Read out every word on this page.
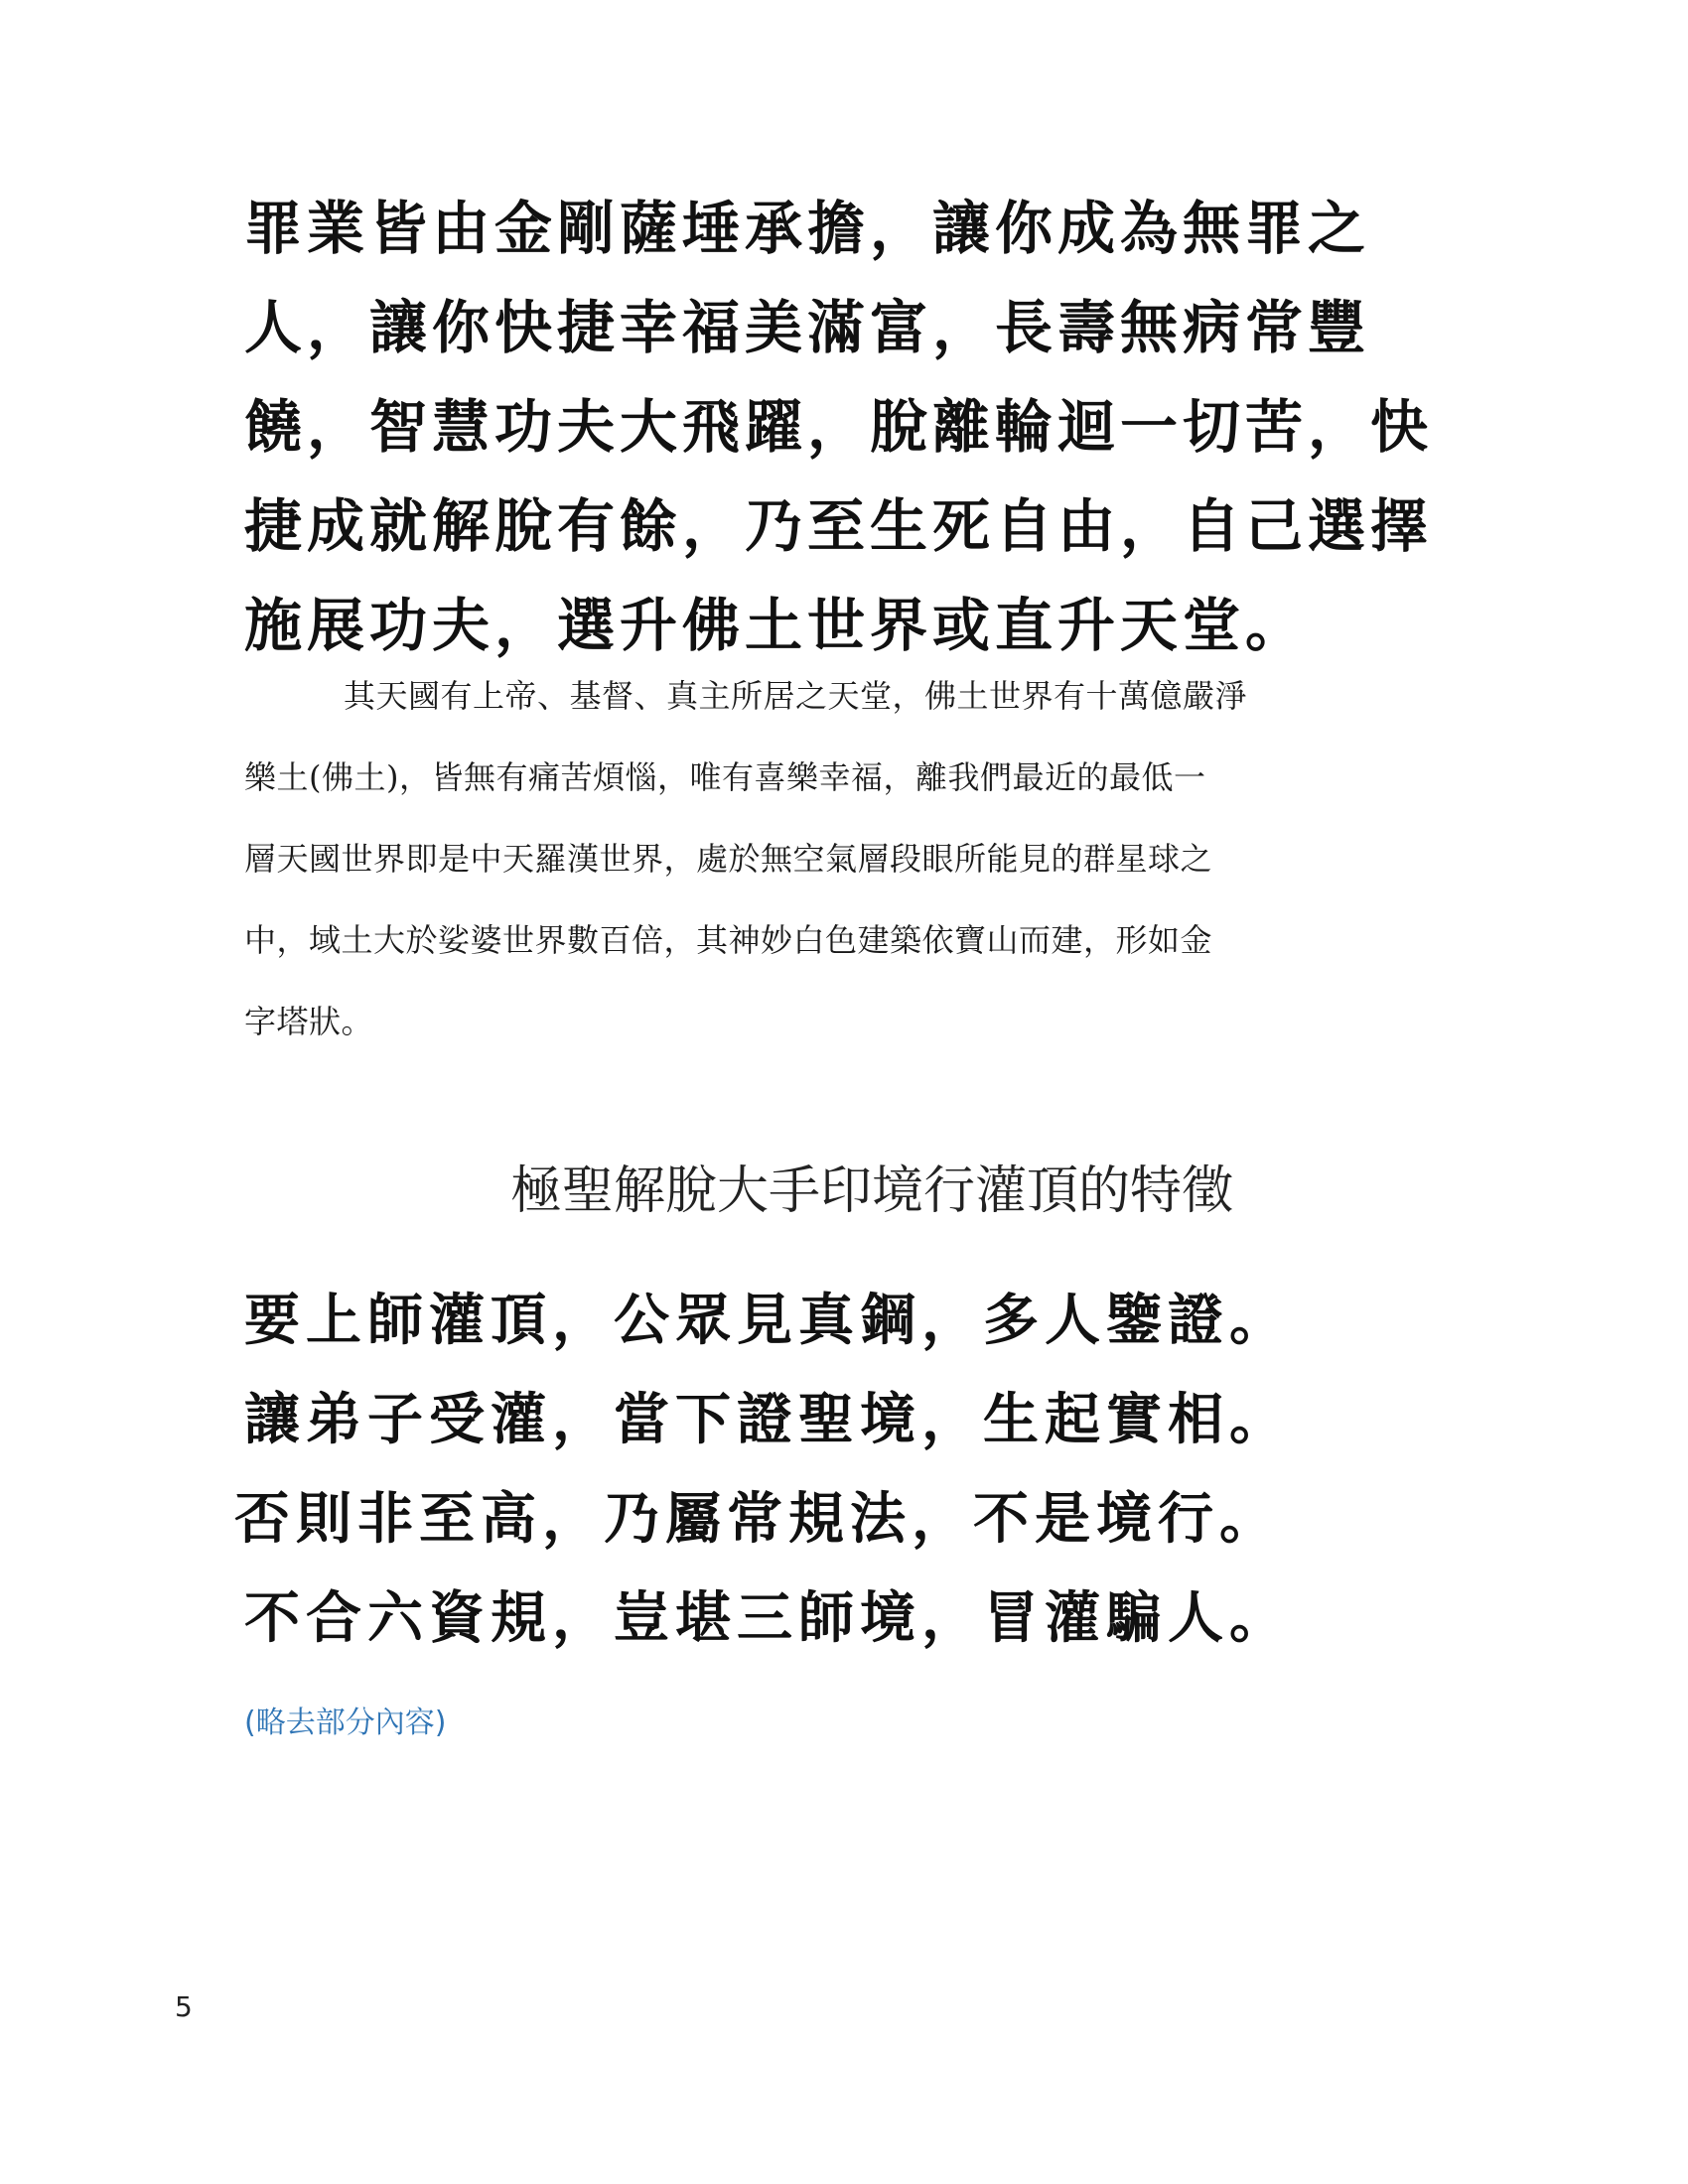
罪業皆由金剛薩埵承擔，讓你成為無罪之
人，讓你快捷幸福美滿富，長壽無病常豐
饒，智慧功夫大飛躍，脫離輪迴一切苦，快
捷成就解脫有餘，乃至生死自由，自己選擇
施展功夫，選升佛土世界或直升天堂。
其天國有上帝、基督、真主所居之天堂，佛土世界有十萬億嚴淨
樂土(佛土)，皆無有痛苦煩惱，唯有喜樂幸福，離我們最近的最低一
層天國世界即是中天羅漢世界，處於無空氣層段眼所能見的群星球之
中，域土大於娑婆世界數百倍，其神妙白色建築依寶山而建，形如金
字塔狀。
極聖解脫大手印境行灌頂的特徵
要上師灌頂，公眾見真鋼，多人鑒證。
讓弟子受灌，當下證聖境，生起實相。
否則非至高，乃屬常規法，不是境行。
不合六資規，豈堪三師境，冒灌騙人。
(略去部分內容)
5
